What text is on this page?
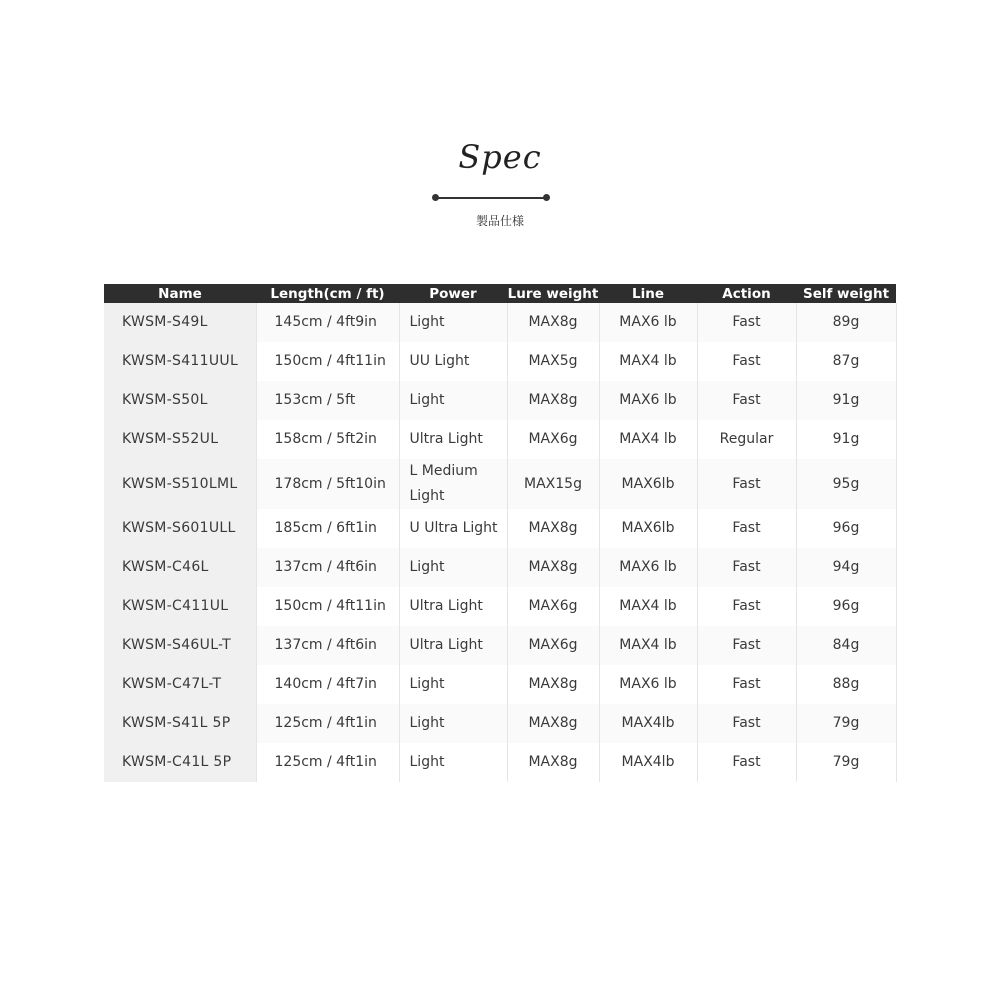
Spec
製品仕様
Name	Length(cm / ft)	Power	Lure weight	Line	Action	Self weight
KWSM-S49L	145cm / 4ft9in	Light	MAX8g	MAX6 lb	Fast	89g
KWSM-S411UUL	150cm / 4ft11in	UU Light	MAX5g	MAX4 lb	Fast	87g
KWSM-S50L	153cm / 5ft	Light	MAX8g	MAX6 lb	Fast	91g
KWSM-S52UL	158cm / 5ft2in	Ultra Light	MAX6g	MAX4 lb	Regular	91g
KWSM-S510LML	178cm / 5ft10in	L Medium Light	MAX15g	MAX6lb	Fast	95g
KWSM-S601ULL	185cm / 6ft1in	U Ultra Light	MAX8g	MAX6lb	Fast	96g
KWSM-C46L	137cm / 4ft6in	Light	MAX8g	MAX6 lb	Fast	94g
KWSM-C411UL	150cm / 4ft11in	Ultra Light	MAX6g	MAX4 lb	Fast	96g
KWSM-S46UL-T	137cm / 4ft6in	Ultra Light	MAX6g	MAX4 lb	Fast	84g
KWSM-C47L-T	140cm / 4ft7in	Light	MAX8g	MAX6 lb	Fast	88g
KWSM-S41L 5P	125cm / 4ft1in	Light	MAX8g	MAX4lb	Fast	79g
KWSM-C41L 5P	125cm / 4ft1in	Light	MAX8g	MAX4lb	Fast	79g
